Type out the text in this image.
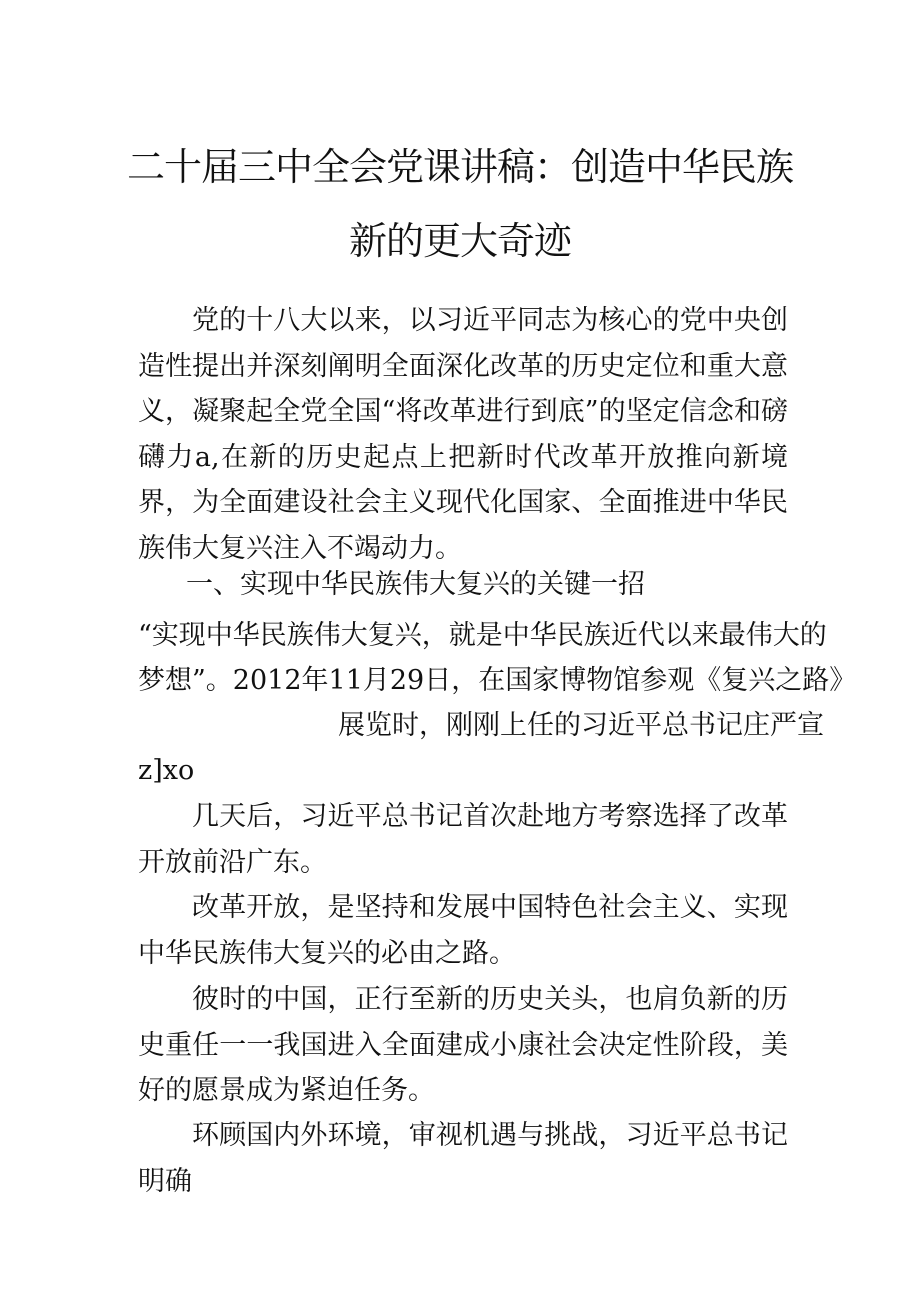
二十届三中全会党课讲稿：创造中华民族
新的更大奇迹

党的十八大以来，以习近平同志为核心的党中央创造性提出并深刻阐明全面深化改革的历史定位和重大意义，凝聚起全党全国“将改革进行到底”的坚定信念和磅礴力a,在新的历史起点上把新时代改革开放推向新境界，为全面建设社会主义现代化国家、全面推进中华民族伟大复兴注入不竭动力。

一、实现中华民族伟大复兴的关键一招

“实现中华民族伟大复兴，就是中华民族近代以来最伟大的

梦想”。2012年11月29日，在国家博物馆参观《复兴之路》

展览时，刚刚上任的习近平总书记庄严宣

z]xo

几天后，习近平总书记首次赴地方考察选择了改革开放前沿广东。

改革开放，是坚持和发展中国特色社会主义、实现中华民族伟大复兴的必由之路。

彼时的中国，正行至新的历史关头，也肩负新的历史重任一一我国进入全面建成小康社会决定性阶段，美好的愿景成为紧迫任务。

环顾国内外环境，审视机遇与挑战，习近平总书记明确
